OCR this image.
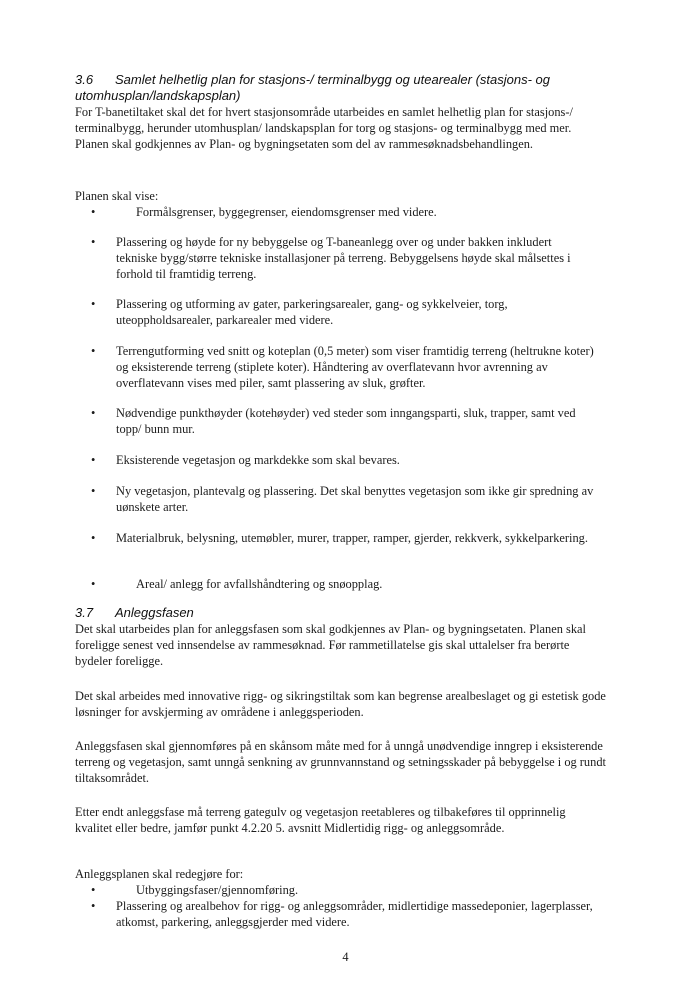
3.6 Samlet helhetlig plan for stasjons-/ terminalbygg og utearealer (stasjons- og utomhusplan/landskapsplan)

For T-banetiltaket skal det for hvert stasjonsområde utarbeides en samlet helhetlig plan for stasjons-/ terminalbygg, herunder utomhusplan/ landskapsplan for torg og stasjons- og terminalbygg med mer. Planen skal godkjennes av Plan- og bygningsetaten som del av rammesøknadsbehandlingen.

Planen skal vise:

•	Formålsgrenser, byggegrenser, eiendomsgrenser med videre.
•	Plassering og høyde for ny bebyggelse og T-baneanlegg over og under bakken inkludert tekniske bygg/større tekniske installasjoner på terreng. Bebyggelsens høyde skal målsettes i forhold til framtidig terreng.
•	Plassering og utforming av gater, parkeringsarealer, gang- og sykkelveier, torg, uteoppholdsarealer, parkarealer med videre.
•	Terrengutforming ved snitt og koteplan (0,5 meter) som viser framtidig terreng (heltrukne koter) og eksisterende terreng (stiplete koter). Håndtering av overflatevann hvor avrenning av overflatevann vises med piler, samt plassering av sluk, grøfter.
•	Nødvendige punkthøyder (kotehøyder) ved steder som inngangsparti, sluk, trapper, samt ved topp/ bunn mur.
•	Eksisterende vegetasjon og markdekke som skal bevares.
•	Ny vegetasjon, plantevalg og plassering. Det skal benyttes vegetasjon som ikke gir spredning av uønskete arter.
•	Materialbruk, belysning, utemøbler, murer, trapper, ramper, gjerder, rekkverk, sykkelparkering.
•	Areal/ anlegg for avfallshåndtering og snøopplag.
3.7 Anleggsfasen

Det skal utarbeides plan for anleggsfasen som skal godkjennes av Plan- og bygningsetaten. Planen skal foreligge senest ved innsendelse av rammesøknad. Før rammetillatelse gis skal uttalelser fra berørte bydeler foreligge.

Det skal arbeides med innovative rigg- og sikringstiltak som kan begrense arealbeslaget og gi estetisk gode løsninger for avskjerming av områdene i anleggsperioden.

Anleggsfasen skal gjennomføres på en skånsom måte med for å unngå unødvendige inngrep i eksisterende terreng og vegetasjon, samt unngå senkning av grunnvannstand og setningsskader på bebyggelse i og rundt tiltaksområdet.

Etter endt anleggsfase må terreng gategulv og vegetasjon reetableres og tilbakeføres til opprinnelig kvalitet eller bedre, jamfør punkt 4.2.20 5. avsnitt Midlertidig rigg- og anleggsområde.

Anleggsplanen skal redegjøre for:

•	Utbyggingsfaser/gjennomføring.
•	Plassering og arealbehov for rigg- og anleggsområder, midlertidige massedeponier, lagerplasser, atkomst, parkering, anleggsgjerder med videre.
4
